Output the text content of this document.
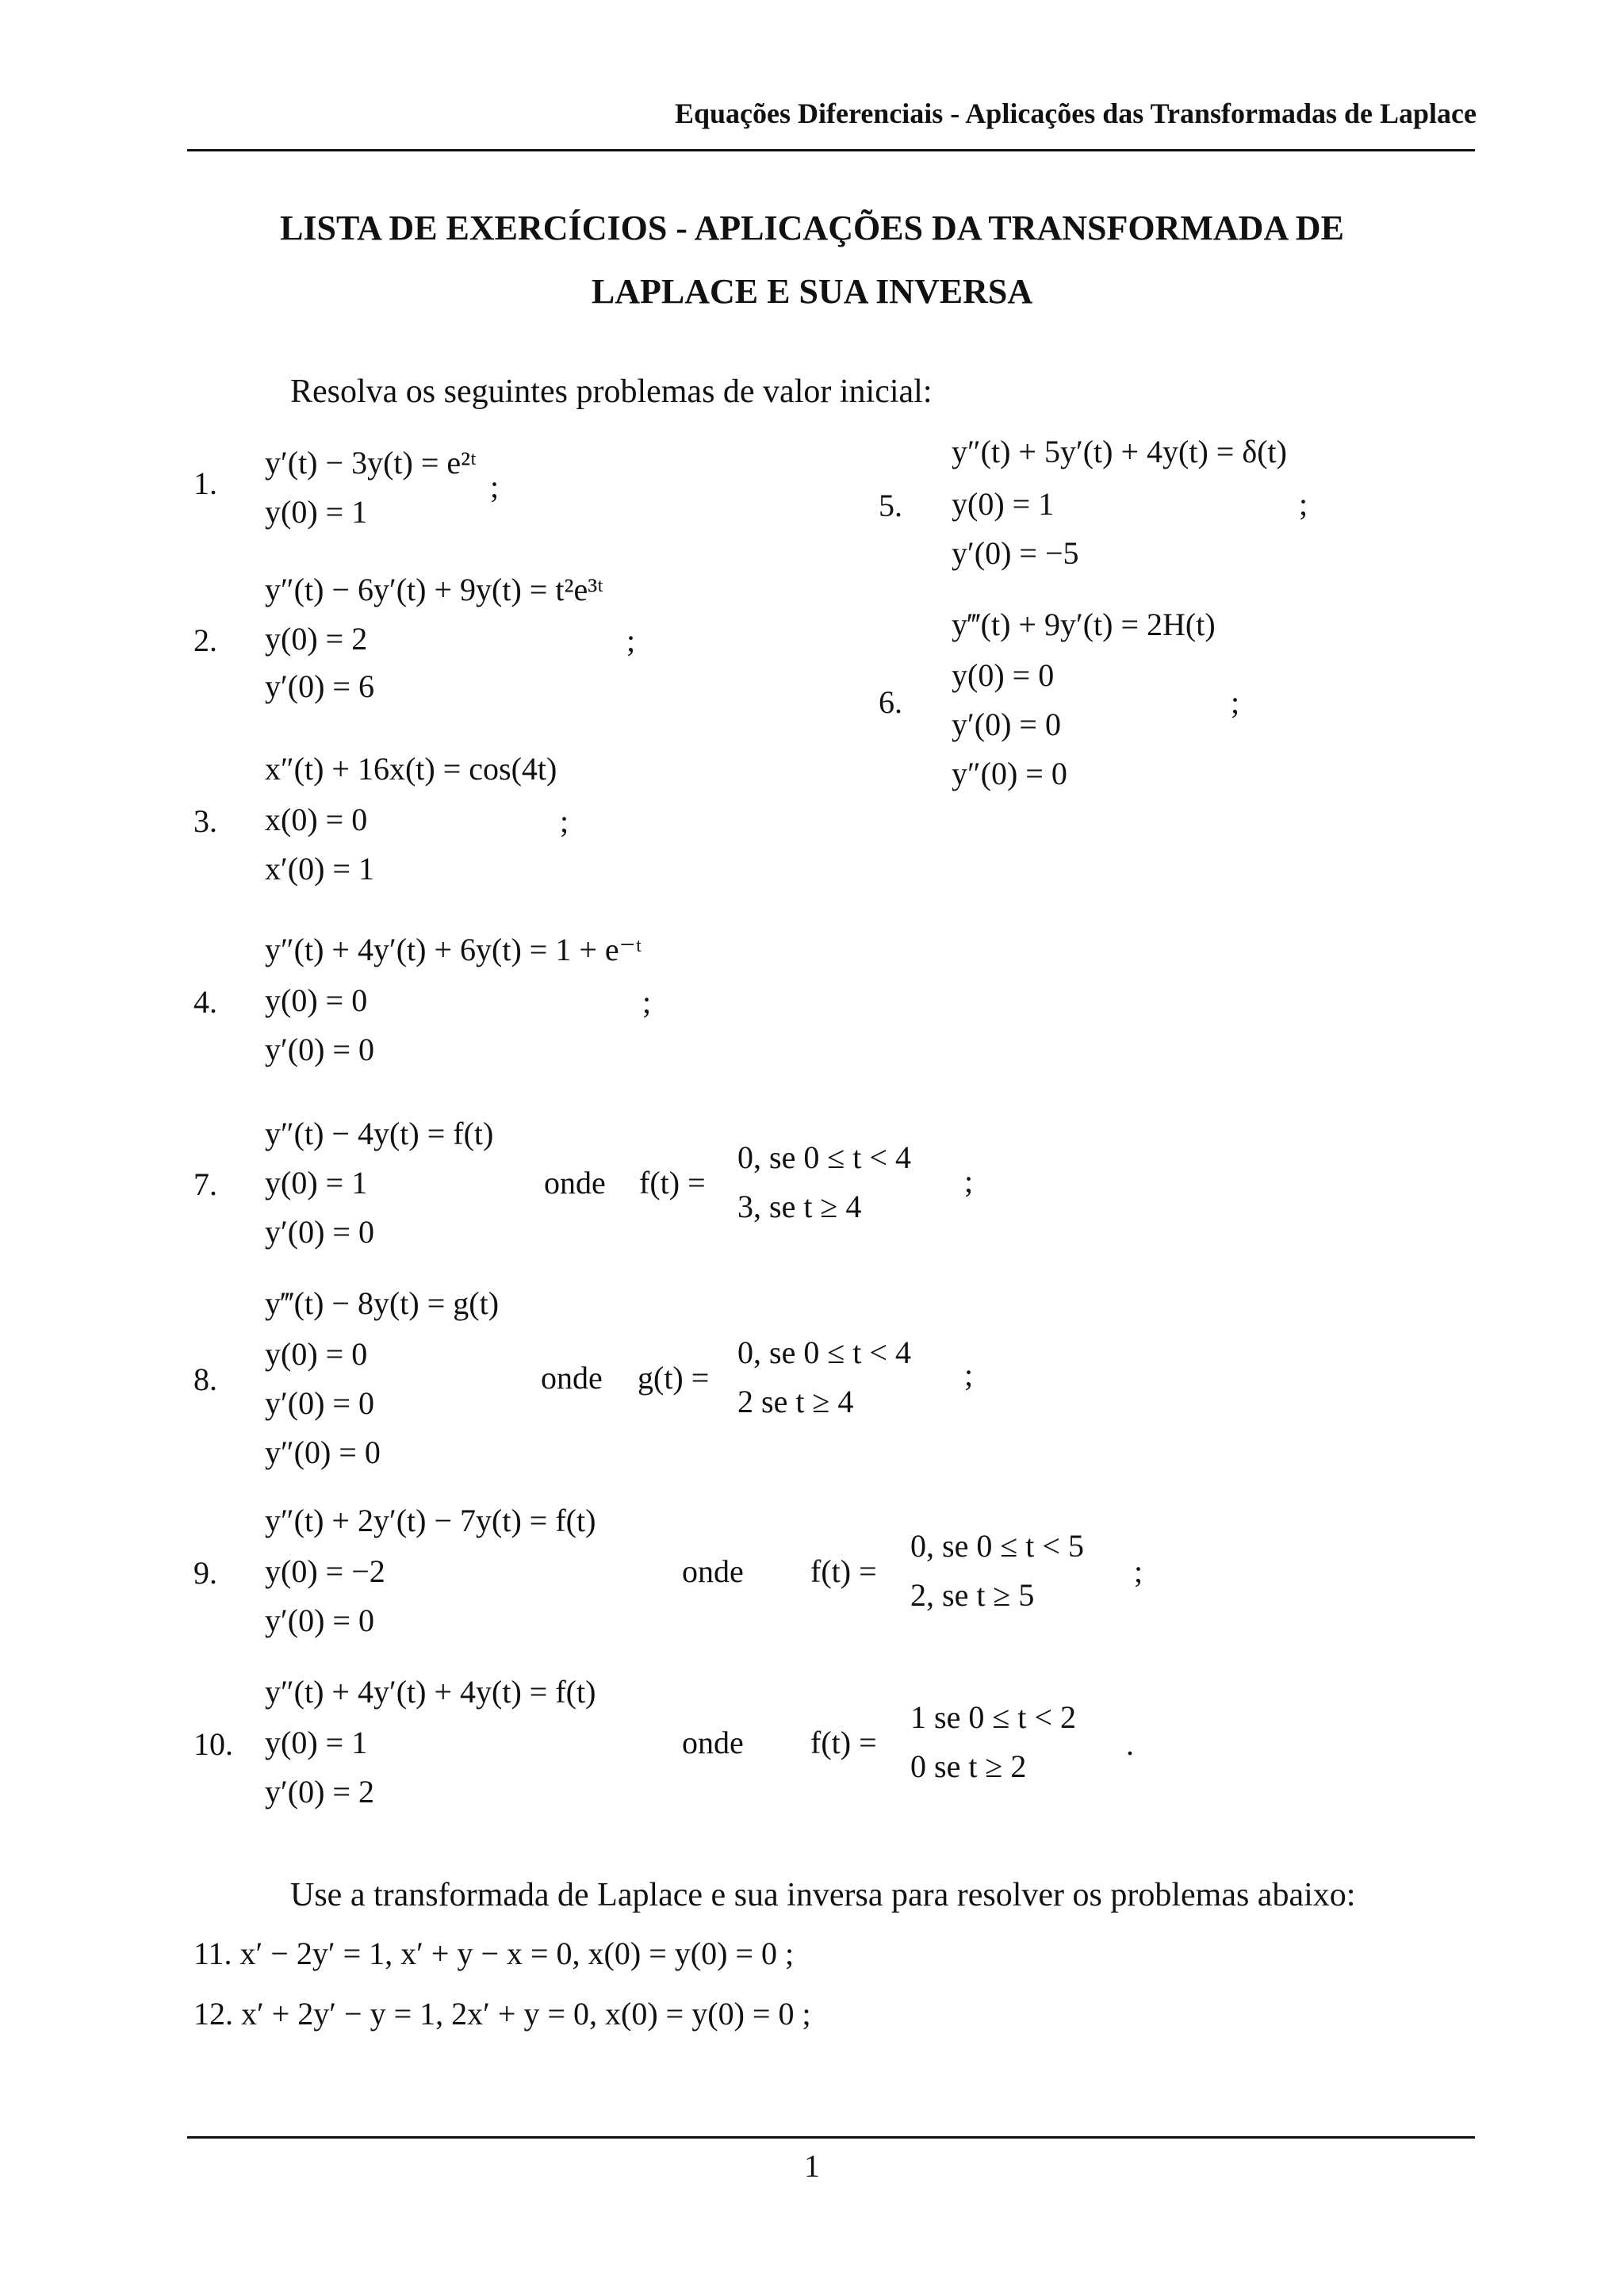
Equações Diferenciais - Aplicações das Transformadas de Laplace
LISTA DE EXERCÍCIOS - APLICAÇÕES DA TRANSFORMADA DE
LAPLACE E SUA INVERSA
Resolva os seguintes problemas de valor inicial:
1.
y′(t) − 3y(t) = e²ᵗ
y(0) = 1
;
2.
y″(t) − 6y′(t) + 9y(t) = t²e³ᵗ
y(0) = 2
y′(0) = 6
;
3.
x″(t) + 16x(t) = cos(4t)
x(0) = 0
x′(0) = 1
;
4.
y″(t) + 4y′(t) + 6y(t) = 1 + e⁻ᵗ
y(0) = 0
y′(0) = 0
;
5.
y″(t) + 5y′(t) + 4y(t) = δ(t)
y(0) = 1
y′(0) = −5
;
6.
y‴(t) + 9y′(t) = 2H(t)
y(0) = 0
y′(0) = 0
y″(0) = 0
;
7.
y″(t) − 4y(t) = f(t)
y(0) = 1
y′(0) = 0
onde f(t) =
0, se 0 ≤ t < 4
3, se t ≥ 4
;
8.
y‴(t) − 8y(t) = g(t)
y(0) = 0
y′(0) = 0
y″(0) = 0
onde g(t) =
0, se 0 ≤ t < 4
2 se t ≥ 4
;
9.
y″(t) + 2y′(t) − 7y(t) = f(t)
y(0) = −2
y′(0) = 0
onde f(t) =
0, se 0 ≤ t < 5
2, se t ≥ 5
;
10.
y″(t) + 4y′(t) + 4y(t) = f(t)
y(0) = 1
y′(0) = 2
onde f(t) =
1 se 0 ≤ t < 2
0 se t ≥ 2
.
Use a transformada de Laplace e sua inversa para resolver os problemas abaixo:
11. x′ − 2y′ = 1, x′ + y − x = 0, x(0) = y(0) = 0 ;
12. x′ + 2y′ − y = 1, 2x′ + y = 0, x(0) = y(0) = 0 ;
1
